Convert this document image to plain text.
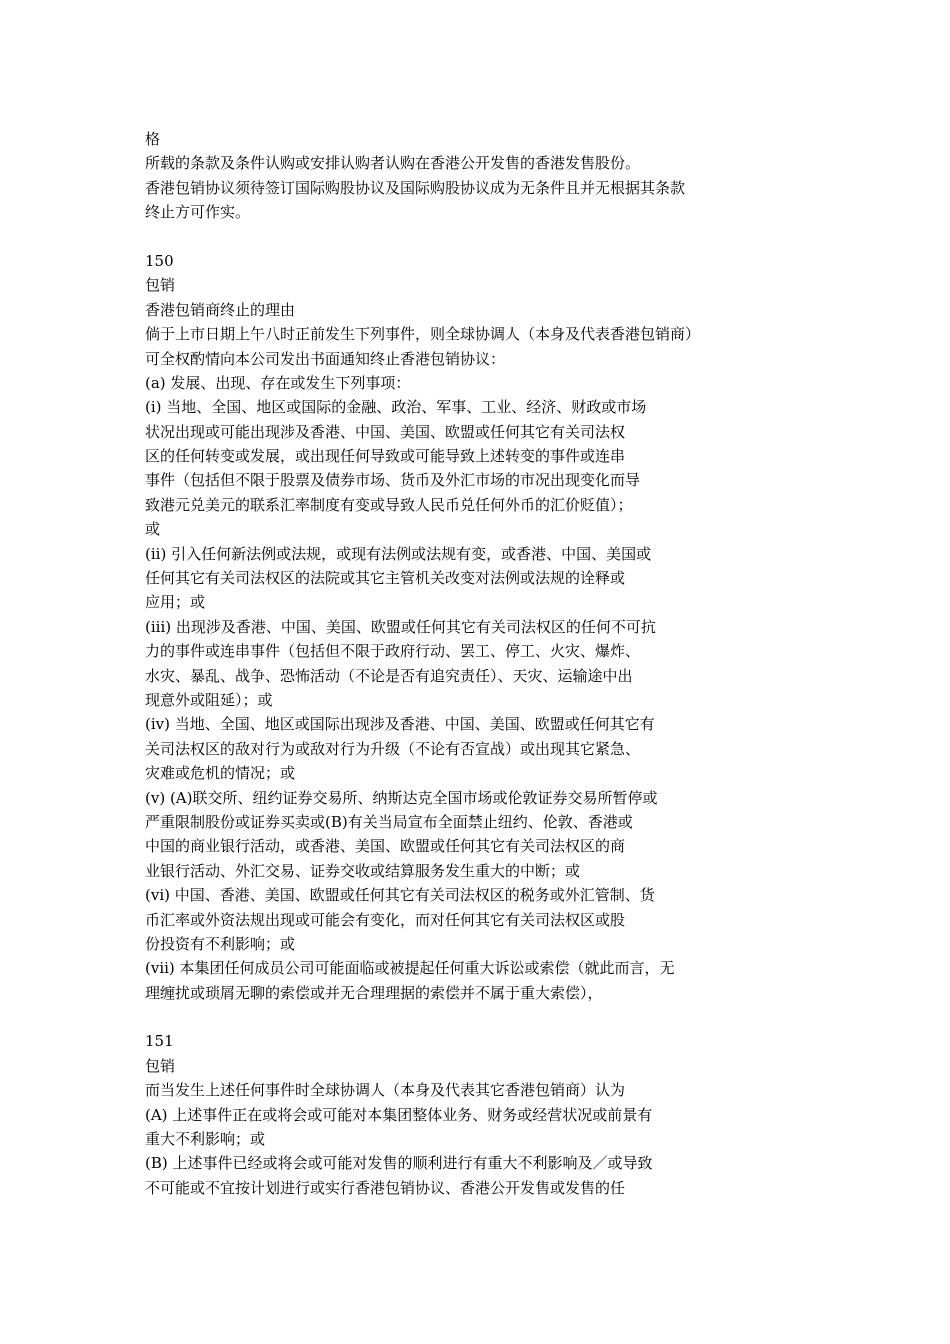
格
所载的条款及条件认购或安排认购者认购在香港公开发售的香港发售股份。
香港包销协议须待签订国际购股协议及国际购股协议成为无条件且并无根据其条款
终止方可作实。
150
包销
香港包销商终止的理由
倘于上市日期上午八时正前发生下列事件，则全球协调人（本身及代表香港包销商）
可全权酌情向本公司发出书面通知终止香港包销协议：
(a) 发展、出现、存在或发生下列事项：
(i) 当地、全国、地区或国际的金融、政治、军事、工业、经济、财政或市场
状况出现或可能出现涉及香港、中国、美国、欧盟或任何其它有关司法权
区的任何转变或发展，或出现任何导致或可能导致上述转变的事件或连串
事件（包括但不限于股票及债券市场、货币及外汇市场的市况出现变化而导
致港元兑美元的联系汇率制度有变或导致人民币兑任何外币的汇价贬值）；
或
(ii) 引入任何新法例或法规，或现有法例或法规有变，或香港、中国、美国或
任何其它有关司法权区的法院或其它主管机关改变对法例或法规的诠释或
应用；或
(iii) 出现涉及香港、中国、美国、欧盟或任何其它有关司法权区的任何不可抗
力的事件或连串事件（包括但不限于政府行动、罢工、停工、火灾、爆炸、
水灾、暴乱、战争、恐怖活动（不论是否有追究责任）、天灾、运输途中出
现意外或阻延）；或
(iv) 当地、全国、地区或国际出现涉及香港、中国、美国、欧盟或任何其它有
关司法权区的敌对行为或敌对行为升级（不论有否宣战）或出现其它紧急、
灾难或危机的情况；或
(v) (A)联交所、纽约证券交易所、纳斯达克全国市场或伦敦证券交易所暂停或
严重限制股份或证券买卖或(B)有关当局宣布全面禁止纽约、伦敦、香港或
中国的商业银行活动，或香港、美国、欧盟或任何其它有关司法权区的商
业银行活动、外汇交易、证券交收或结算服务发生重大的中断；或
(vi) 中国、香港、美国、欧盟或任何其它有关司法权区的税务或外汇管制、货
币汇率或外资法规出现或可能会有变化，而对任何其它有关司法权区或股
份投资有不利影响；或
(vii) 本集团任何成员公司可能面临或被提起任何重大诉讼或索偿（就此而言，无
理缠扰或琐屑无聊的索偿或并无合理理据的索偿并不属于重大索偿），
151
包销
而当发生上述任何事件时全球协调人（本身及代表其它香港包销商）认为
(A) 上述事件正在或将会或可能对本集团整体业务、财务或经营状况或前景有
重大不利影响；或
(B) 上述事件已经或将会或可能对发售的顺利进行有重大不利影响及／或导致
不可能或不宜按计划进行或实行香港包销协议、香港公开发售或发售的任
